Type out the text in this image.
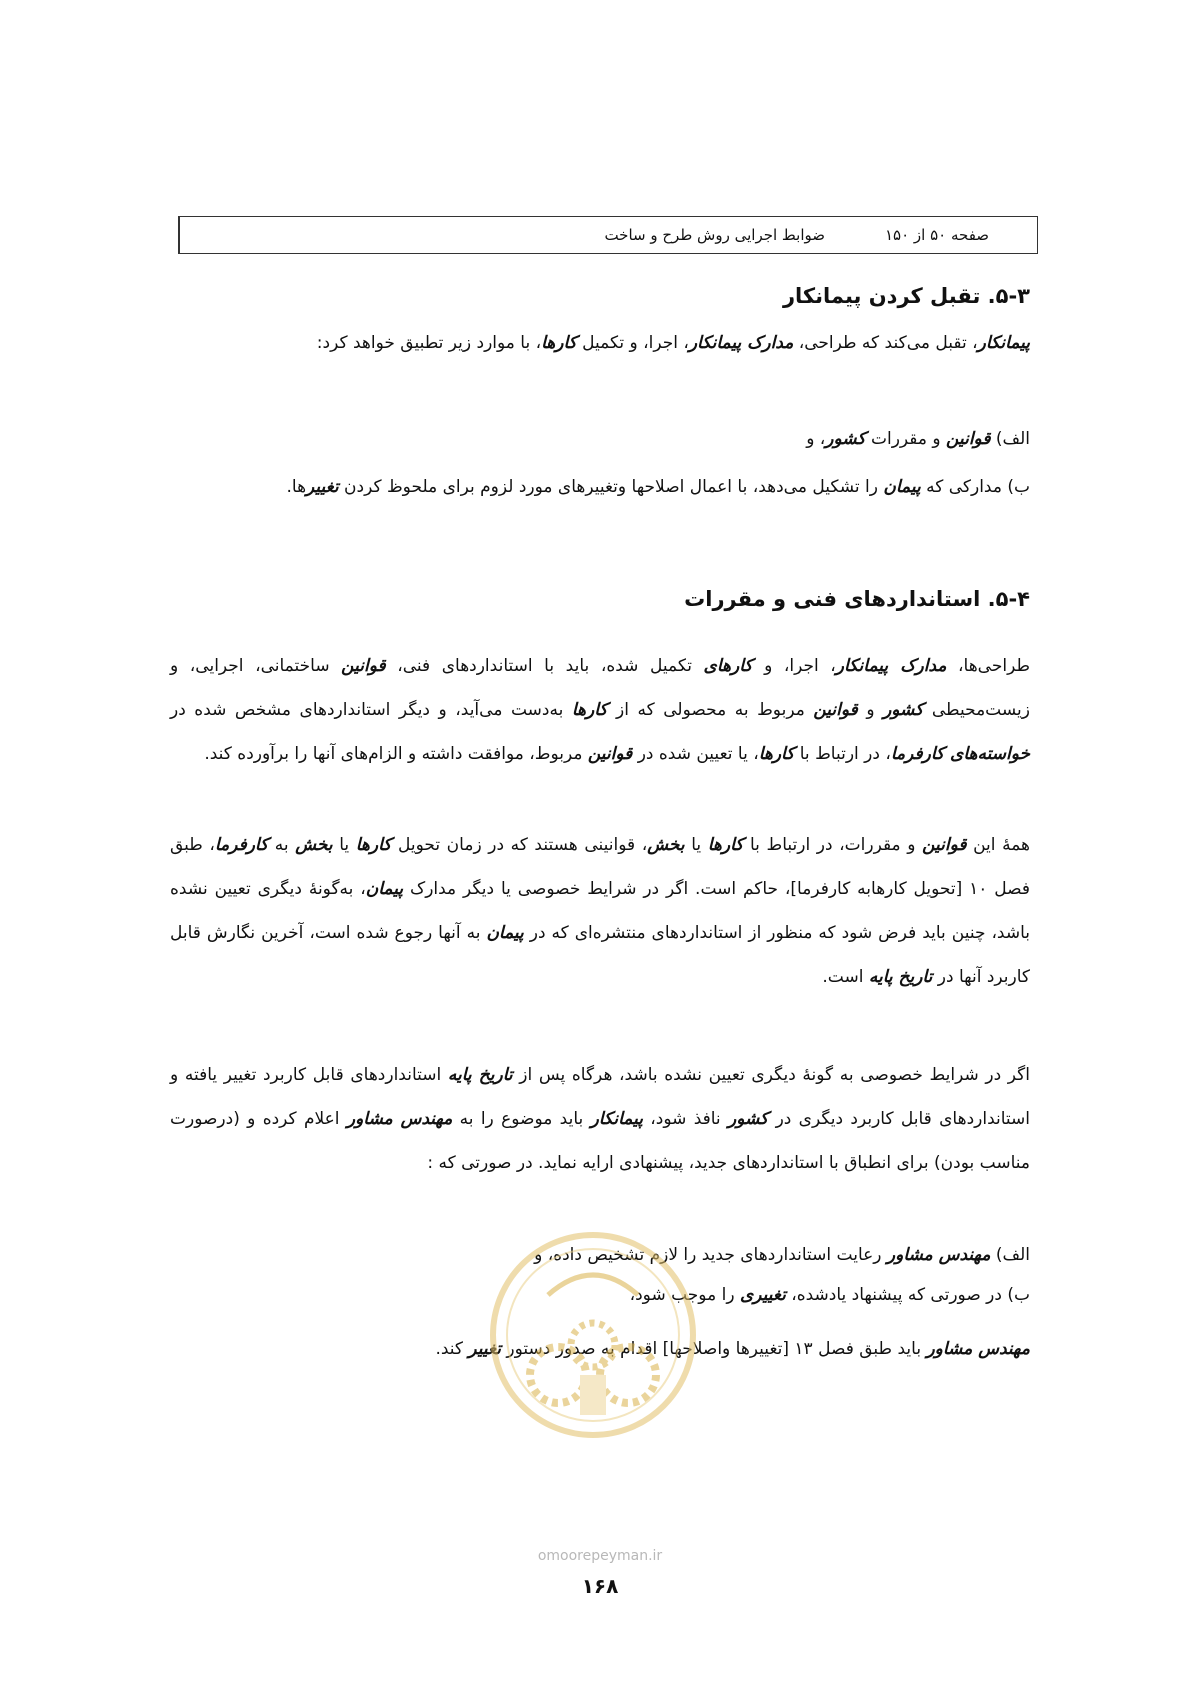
ضوابط اجرایی روش طرح و ساخت	صفحه ۵۰ از ۱۵۰
۵-۳. تقبل کردن پیمانکار

پیمانکار، تقبل می‌کند که طراحی، مدارک پیمانکار، اجرا، و تکمیل کارها، با موارد زیر تطبیق خواهد کرد:

الف) قوانین و مقررات کشور، و

ب) مدارکی که پیمان را تشکیل می‌دهد، با اعمال اصلاحها وتغییرهای مورد لزوم برای ملحوظ کردن تغییرها.

۵-۴. استانداردهای فنی و مقررات

طراحی‌ها، مدارک پیمانکار، اجرا، و کارهای تکمیل شده، باید با استانداردهای فنی، قوانین ساختمانی، اجرایی، و زیست‌محیطی کشور و قوانین مربوط به محصولی که از کارها به‌دست می‌آید، و دیگر استانداردهای مشخص شده در خواسته‌های کارفرما، در ارتباط با کارها، یا تعیین شده در قوانین مربوط، موافقت داشته و الزام‌های آنها را برآورده کند.

همهٔ این قوانین و مقررات، در ارتباط با کارها یا بخش، قوانینی هستند که در زمان تحویل کارها یا بخش به کارفرما، طبق فصل ۱۰ [تحویل کارهابه کارفرما]، حاکم است. اگر در شرایط خصوصی یا دیگر مدارک پیمان، به‌گونهٔ دیگری تعیین نشده باشد، چنین باید فرض شود که منظور از استانداردهای منتشره‌ای که در پیمان به آنها رجوع شده است، آخرین نگارش قابل کاربرد آنها در تاریخ پایه است.

اگر در شرایط خصوصی به گونهٔ دیگری تعیین نشده باشد، هرگاه پس از تاریخ پایه استانداردهای قابل کاربرد تغییر یافته و استانداردهای قابل کاربرد دیگری در کشور نافذ شود، پیمانکار باید موضوع را به مهندس مشاور اعلام کرده و (درصورت مناسب بودن) برای انطباق با استانداردهای جدید، پیشنهادی ارایه نماید. در صورتی که :

الف) مهندس مشاور رعایت استانداردهای جدید را لازم تشخیص داده، و

ب) در صورتی که پیشنهاد یادشده، تغییری را موجب شود،

مهندس مشاور باید طبق فصل ۱۳ [تغییرها واصلاحها] اقدام به صدور دستور تغییر کند.

omoorepeyman.ir
۱۶۸
